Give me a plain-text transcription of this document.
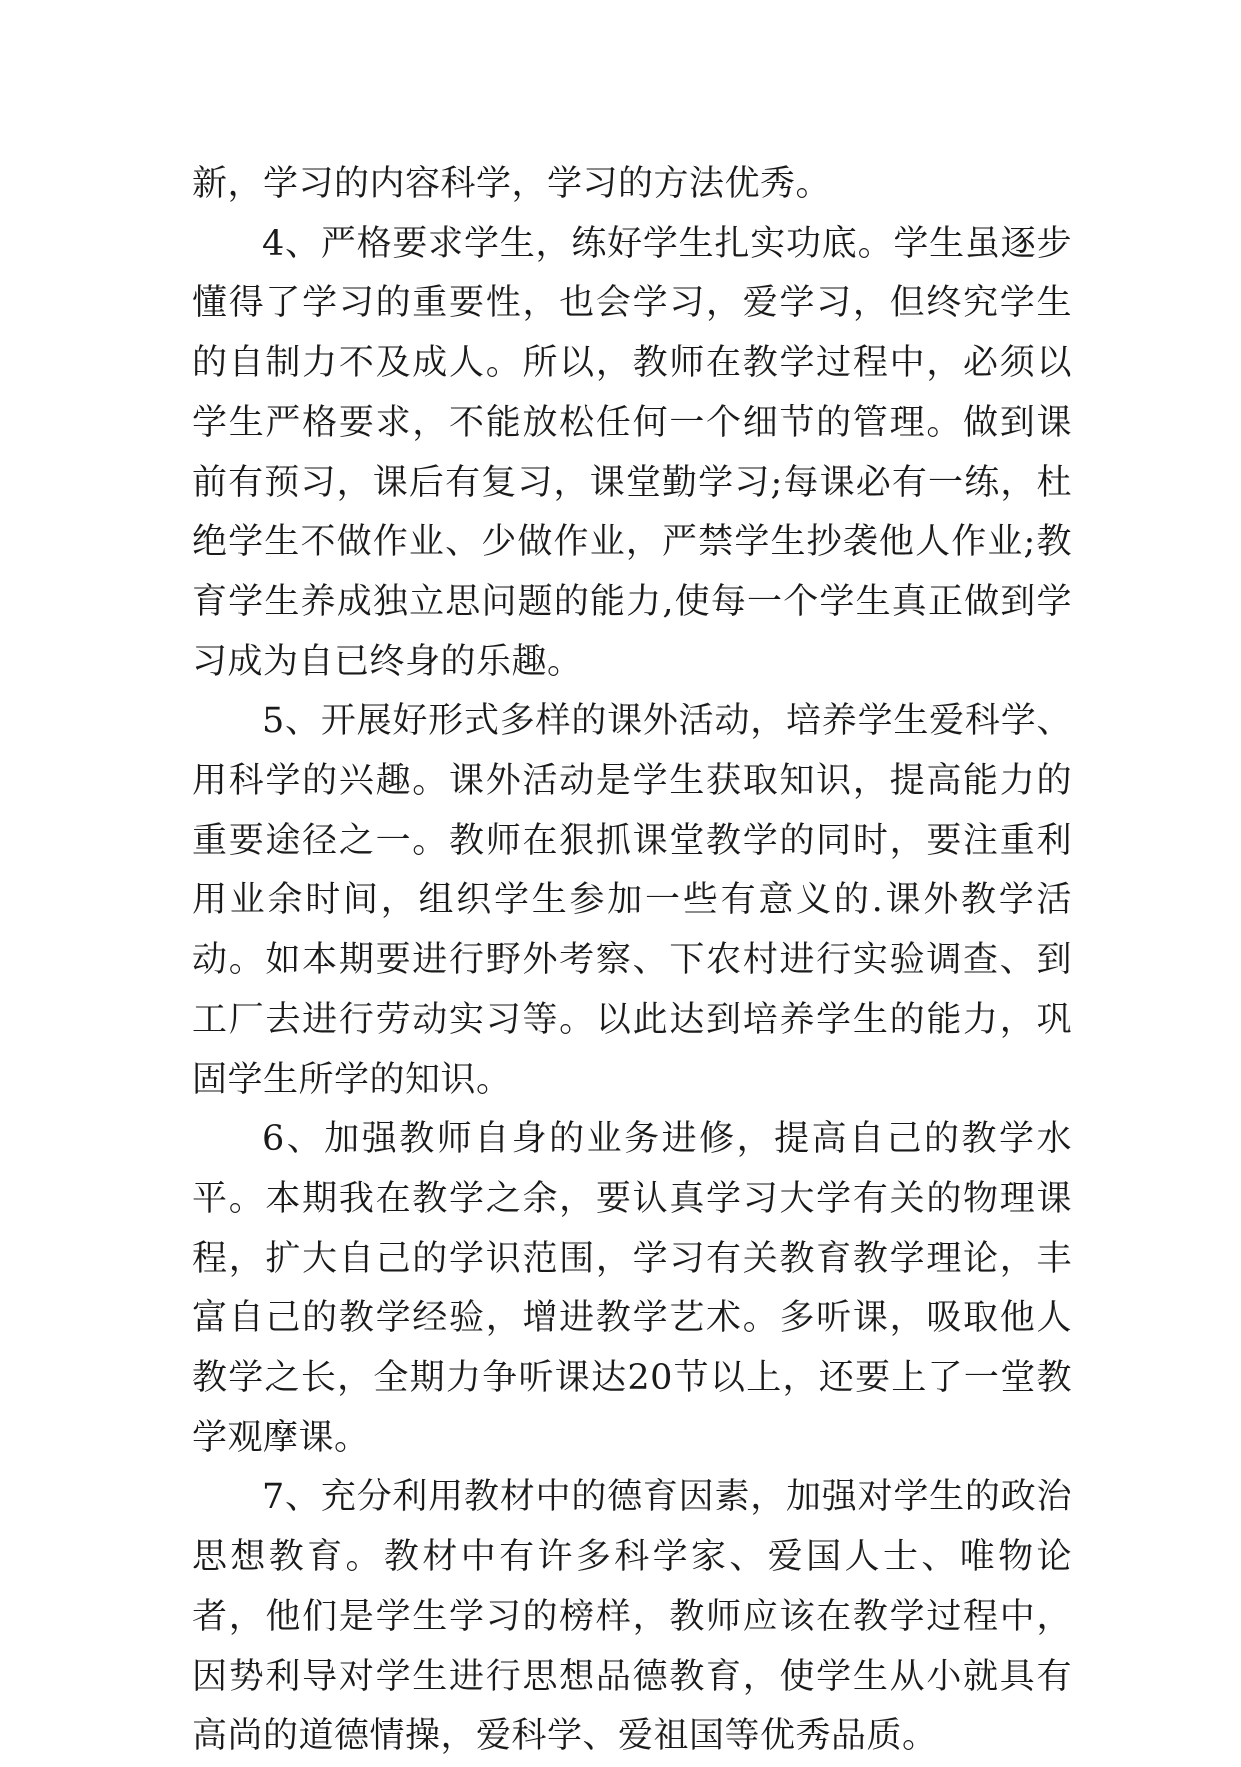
新，学习的内容科学，学习的方法优秀。

4、严格要求学生，练好学生扎实功底。学生虽逐步懂得了学习的重要性，也会学习，爱学习，但终究学生的自制力不及成人。所以，教师在教学过程中，必须以学生严格要求，不能放松任何一个细节的管理。做到课前有预习，课后有复习，课堂勤学习;每课必有一练，杜绝学生不做作业、少做作业，严禁学生抄袭他人作业;教育学生养成独立思问题的能力,使每一个学生真正做到学习成为自已终身的乐趣。

5、开展好形式多样的课外活动，培养学生爱科学、用科学的兴趣。课外活动是学生获取知识，提高能力的重要途径之一。教师在狠抓课堂教学的同时，要注重利用业余时间，组织学生参加一些有意义的.课外教学活动。如本期要进行野外考察、下农村进行实验调查、到工厂去进行劳动实习等。以此达到培养学生的能力，巩固学生所学的知识。

6、加强教师自身的业务进修，提高自己的教学水平。本期我在教学之余，要认真学习大学有关的物理课程，扩大自己的学识范围，学习有关教育教学理论，丰富自己的教学经验，增进教学艺术。多听课，吸取他人教学之长，全期力争听课达20节以上，还要上了一堂教学观摩课。

7、充分利用教材中的德育因素，加强对学生的政治思想教育。教材中有许多科学家、爱国人士、唯物论者，他们是学生学习的榜样，教师应该在教学过程中，因势利导对学生进行思想品德教育，使学生从小就具有高尚的道德情操，爱科学、爱祖国等优秀品质。
